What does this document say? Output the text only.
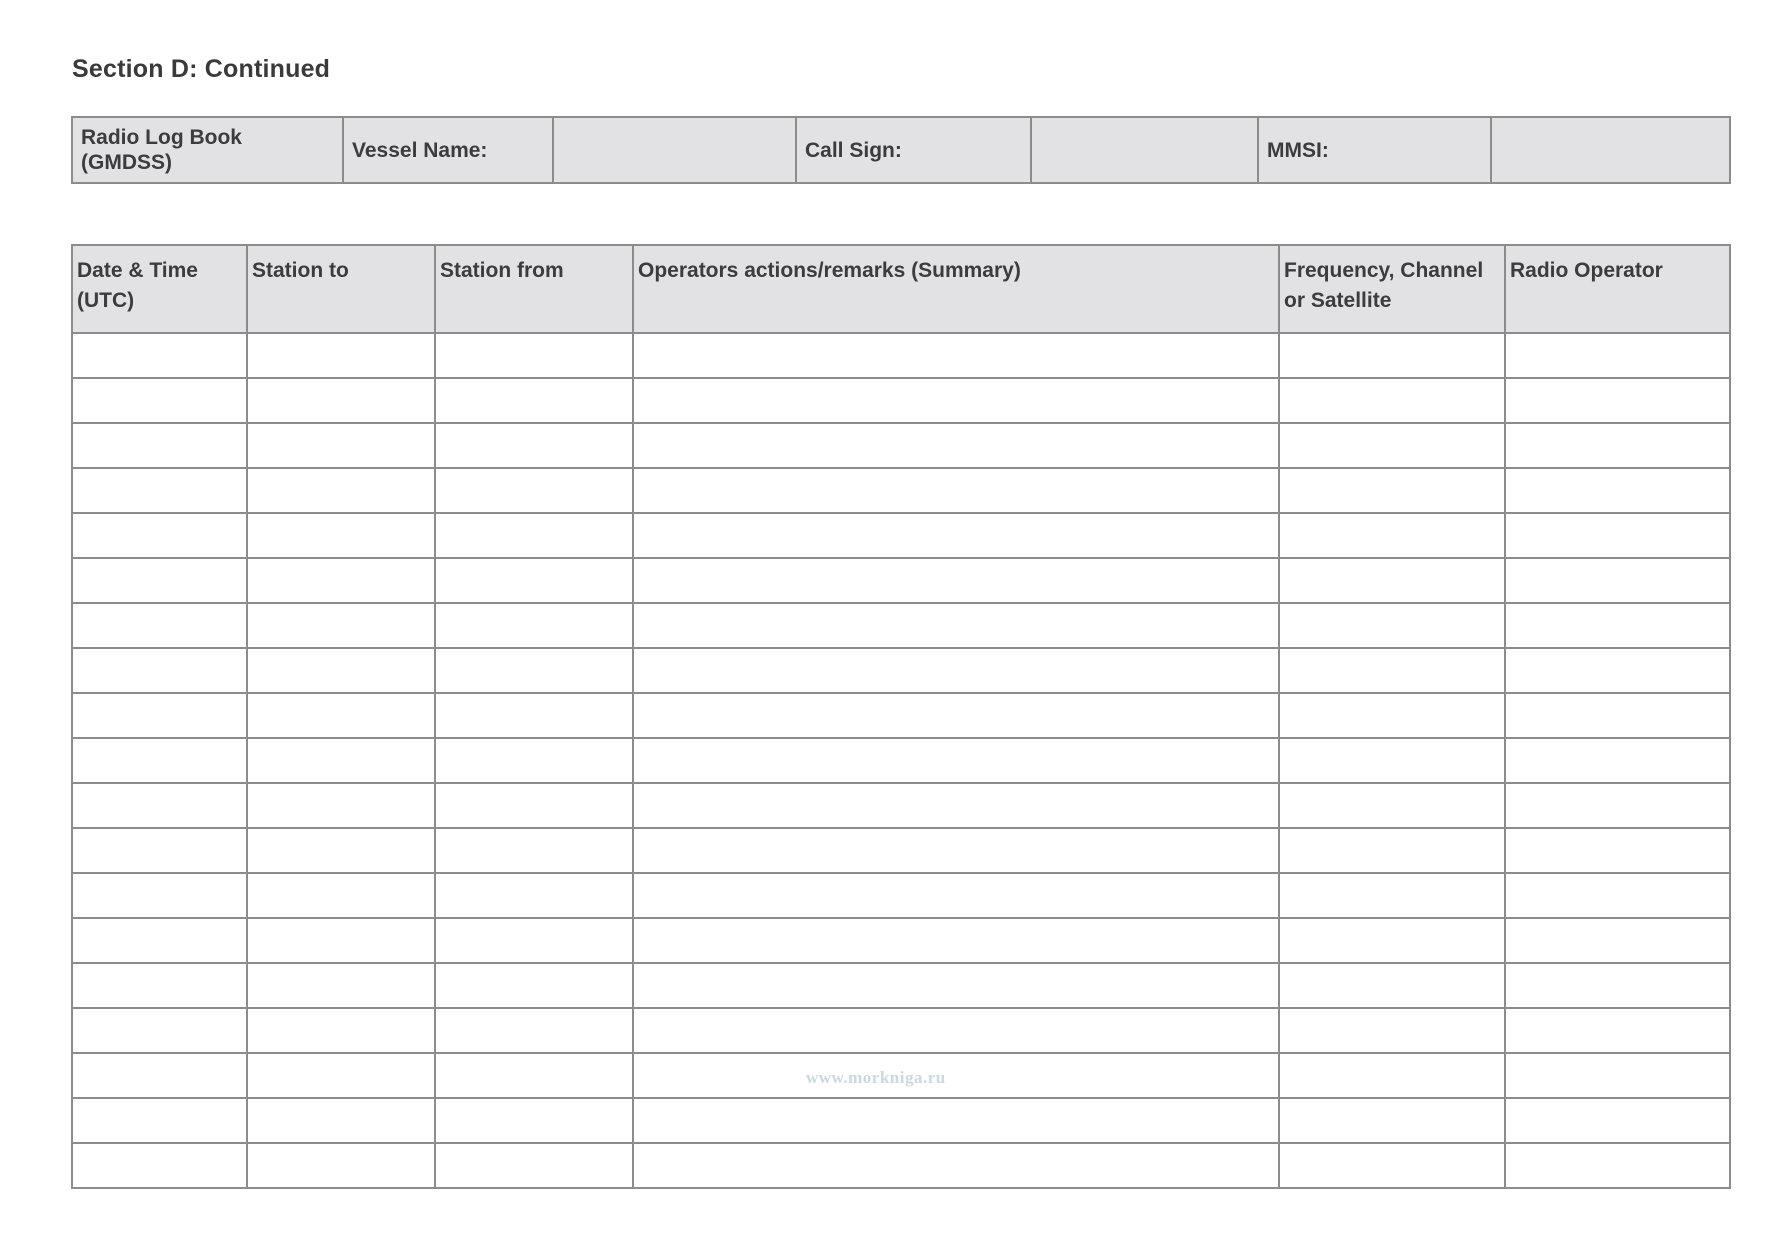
Section D: Continued
Radio Log Book (GMDSS)	Vessel Name:		Call Sign:		MMSI:	
Date & Time (UTC)	Station to	Station from	Operators actions/remarks (Summary)	Frequency, Channel or Satellite	Radio Operator

www.morkniga.ru
